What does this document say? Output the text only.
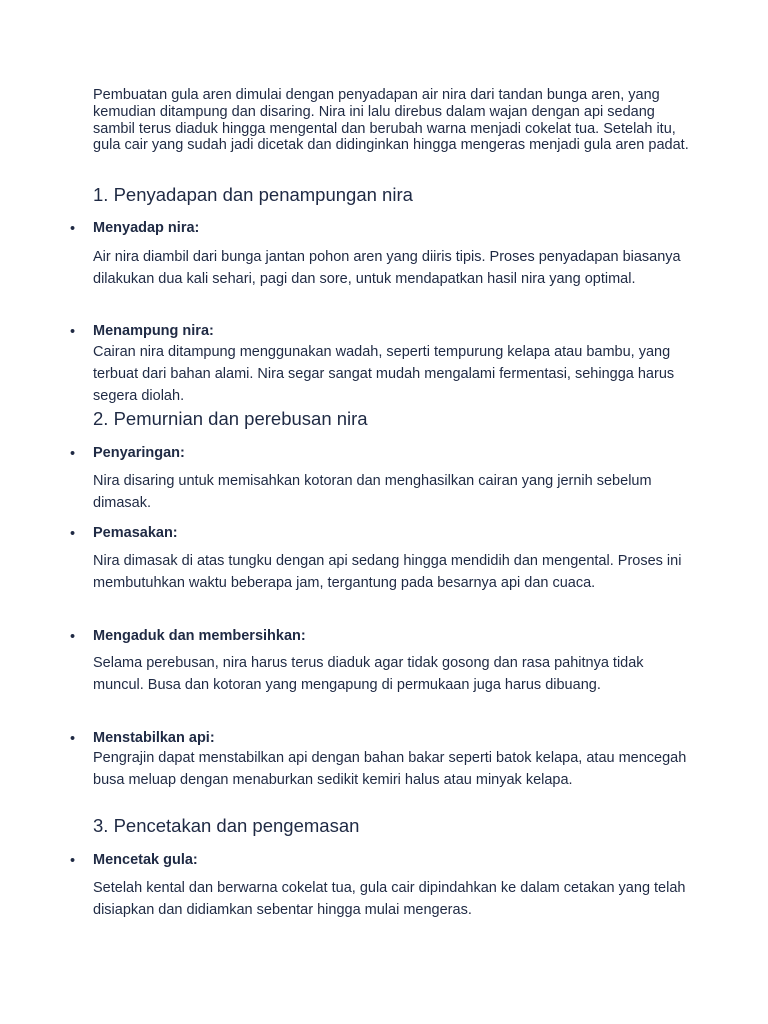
Pembuatan gula aren dimulai dengan penyadapan air nira dari tandan bunga aren, yang kemudian ditampung dan disaring. Nira ini lalu direbus dalam wajan dengan api sedang sambil terus diaduk hingga mengental dan berubah warna menjadi cokelat tua. Setelah itu, gula cair yang sudah jadi dicetak dan didinginkan hingga mengeras menjadi gula aren padat.

1. Penyadapan dan penampungan nira
• Menyadap nira:

Air nira diambil dari bunga jantan pohon aren yang diiris tipis. Proses penyadapan biasanya dilakukan dua kali sehari, pagi dan sore, untuk mendapatkan hasil nira yang optimal.

• Menampung nira:

Cairan nira ditampung menggunakan wadah, seperti tempurung kelapa atau bambu, yang terbuat dari bahan alami. Nira segar sangat mudah mengalami fermentasi, sehingga harus segera diolah.

2. Pemurnian dan perebusan nira
• Penyaringan:

Nira disaring untuk memisahkan kotoran dan menghasilkan cairan yang jernih sebelum dimasak.

• Pemasakan:

Nira dimasak di atas tungku dengan api sedang hingga mendidih dan mengental. Proses ini membutuhkan waktu beberapa jam, tergantung pada besarnya api dan cuaca.

• Mengaduk dan membersihkan:

Selama perebusan, nira harus terus diaduk agar tidak gosong dan rasa pahitnya tidak muncul. Busa dan kotoran yang mengapung di permukaan juga harus dibuang.

• Menstabilkan api:

Pengrajin dapat menstabilkan api dengan bahan bakar seperti batok kelapa, atau mencegah busa meluap dengan menaburkan sedikit kemiri halus atau minyak kelapa.

3. Pencetakan dan pengemasan
• Mencetak gula:

Setelah kental dan berwarna cokelat tua, gula cair dipindahkan ke dalam cetakan yang telah disiapkan dan didiamkan sebentar hingga mulai mengeras.
